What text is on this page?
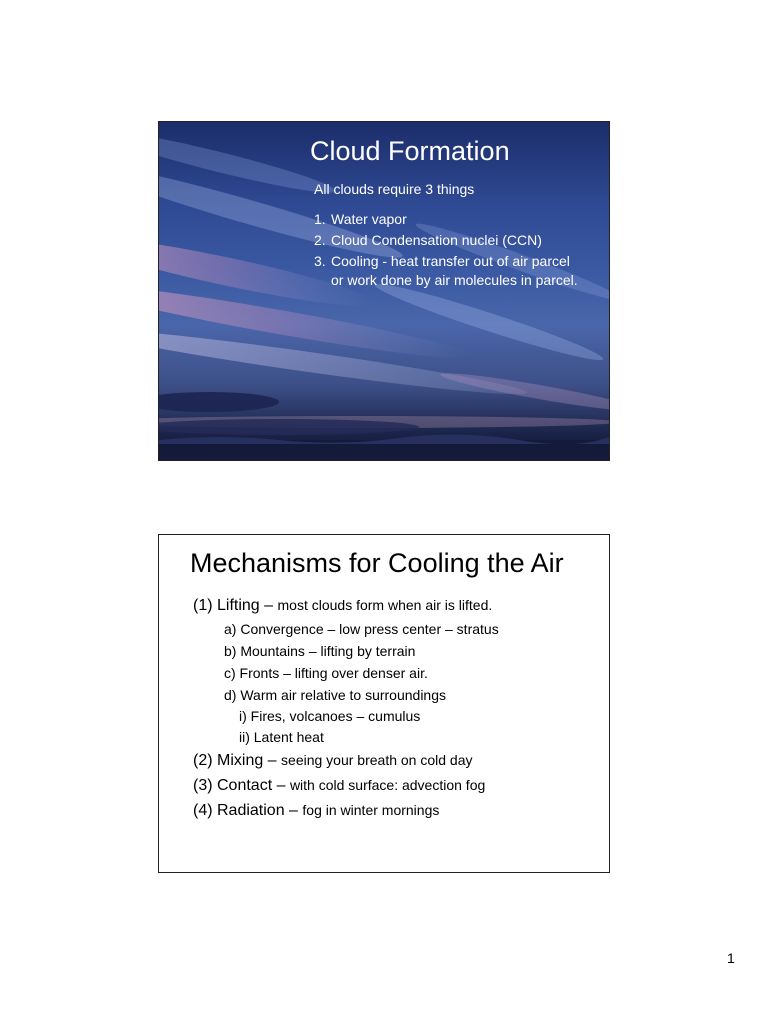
Cloud Formation
All clouds require 3 things
1. Water vapor
2. Cloud Condensation nuclei (CCN)
3. Cooling - heat transfer out of air parcel
or work done by air molecules in parcel.
Mechanisms for Cooling the Air
(1) Lifting – most clouds form when air is lifted.
a) Convergence – low press center – stratus
b) Mountains – lifting by terrain
c) Fronts – lifting over denser air.
d) Warm air relative to surroundings
i) Fires, volcanoes – cumulus
ii) Latent heat
(2) Mixing – seeing your breath on cold day
(3) Contact – with cold surface: advection fog
(4) Radiation – fog in winter mornings
1
